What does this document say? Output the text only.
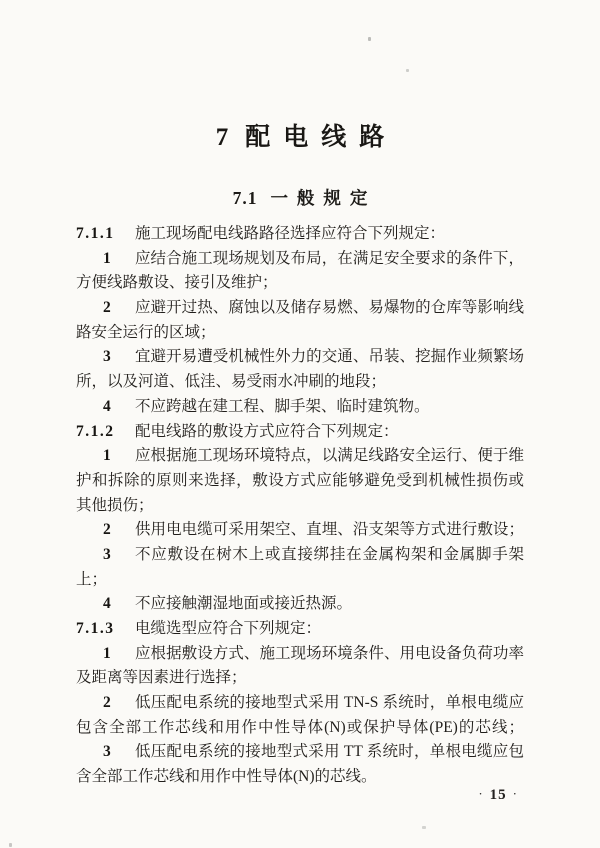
7 配电线路
7.1 一般规定
7.1.1 施工现场配电线路路径选择应符合下列规定：
1 应结合施工现场规划及布局，在满足安全要求的条件下，
方便线路敷设、接引及维护；
2 应避开过热、腐蚀以及储存易燃、易爆物的仓库等影响线
路安全运行的区域；
3 宜避开易遭受机械性外力的交通、吊装、挖掘作业频繁场
所，以及河道、低洼、易受雨水冲刷的地段；
4 不应跨越在建工程、脚手架、临时建筑物。
7.1.2 配电线路的敷设方式应符合下列规定：
1 应根据施工现场环境特点，以满足线路安全运行、便于维
护和拆除的原则来选择，敷设方式应能够避免受到机械性损伤或
其他损伤；
2 供用电电缆可采用架空、直埋、沿支架等方式进行敷设；
3 不应敷设在树木上或直接绑挂在金属构架和金属脚手架
上；
4 不应接触潮湿地面或接近热源。
7.1.3 电缆选型应符合下列规定：
1 应根据敷设方式、施工现场环境条件、用电设备负荷功率
及距离等因素进行选择；
2 低压配电系统的接地型式采用 TN-S 系统时，单根电缆应
包含全部工作芯线和用作中性导体(N)或保护导体(PE)的芯线；
3 低压配电系统的接地型式采用 TT 系统时，单根电缆应包
含全部工作芯线和用作中性导体(N)的芯线。
· 15 ·
